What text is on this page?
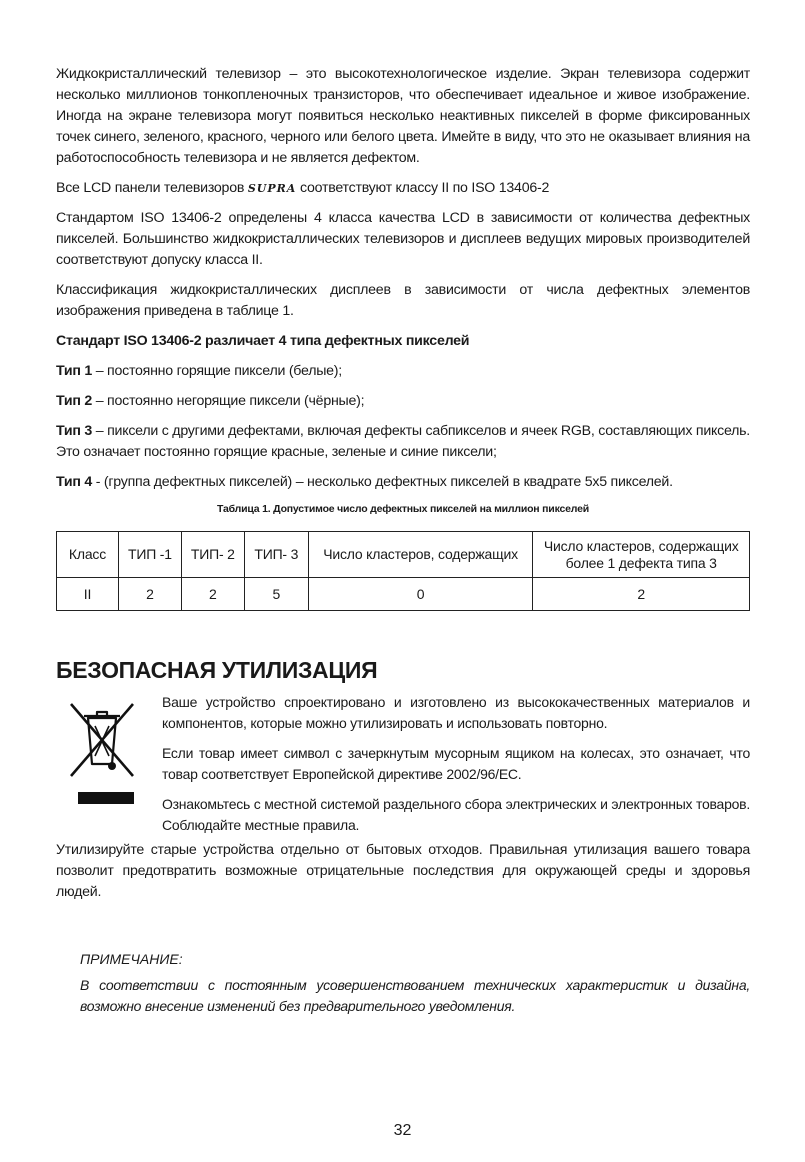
Жидкокристаллический телевизор – это высокотехнологическое изделие. Экран телевизора содержит несколько миллионов тонкопленочных транзисторов, что обеспечивает идеальное и живое изображение. Иногда на экране телевизора могут появиться несколько неактивных пикселей в форме фиксированных точек синего, зеленого, красного, черного или белого цвета. Имейте в виду, что это не оказывает влияния на работоспособность телевизора и не является дефектом.

Все LCD панели телевизоров SUPRA соответствуют классу II по ISO 13406-2

Стандартом ISO 13406-2 определены 4 класса качества LCD в зависимости от количества дефектных пикселей. Большинство жидкокристаллических телевизоров и дисплеев ведущих мировых производителей соответствуют допуску класса II.

Классификация жидкокристаллических дисплеев в зависимости от числа дефектных элементов изображения приведена в таблице 1.

Стандарт ISO 13406-2 различает 4 типа дефектных пикселей

Тип 1 – постоянно горящие пиксели (белые);

Тип 2 – постоянно негорящие пиксели (чёрные);

Тип 3 – пиксели с другими дефектами, включая дефекты сабпикселов и ячеек RGB, составляющих пиксель. Это означает постоянно горящие красные, зеленые и синие пиксели;

Тип 4 - (группа дефектных пикселей) – несколько дефектных пикселей в квадрате 5х5 пикселей.

Таблица 1. Допустимое число дефектных пикселей на миллион пикселей
Класс	ТИП -1	ТИП- 2	ТИП- 3	Число кластеров, содержащих	Число кластеров, содержащих более 1 дефекта типа 3
II	2	2	5	0	2
БЕЗОПАСНАЯ УТИЛИЗАЦИЯ

Ваше устройство спроектировано и изготовлено из высококачественных материалов и компонентов, которые можно утилизировать и использовать повторно.

Если товар имеет символ с зачеркнутым мусорным ящиком на колесах, это означает, что товар соответствует Европейской директиве 2002/96/EC.

Ознакомьтесь с местной системой раздельного сбора электрических и электронных товаров. Соблюдайте местные правила.

Утилизируйте старые устройства отдельно от бытовых отходов. Правильная утилизация вашего товара позволит предотвратить возможные отрицательные последствия для окружающей среды и здоровья людей.

ПРИМЕЧАНИЕ:

В соответствии с постоянным усовершенствованием технических характеристик и дизайна, возможно внесение изменений без предварительного уведомления.

32
